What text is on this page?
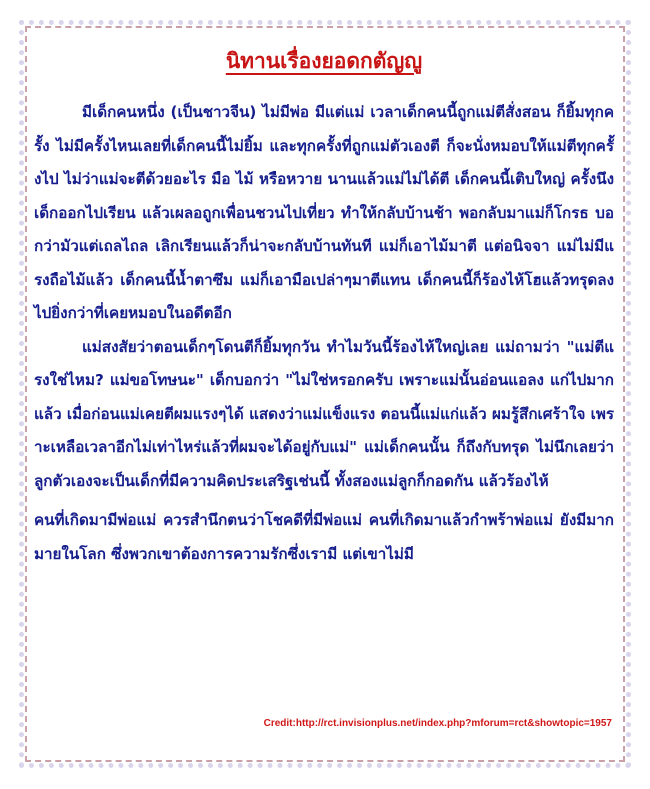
นิทานเรื่องยอดกตัญญู

มีเด็กคนหนึ่ง (เป็นชาวจีน) ไม่มีพ่อ มีแต่แม่ เวลาเด็กคนนี้ถูกแม่ตีสั่งสอน ก็ยิ้มทุกครั้ง ไม่มีครั้งไหนเลยที่เด็กคนนี้ไม่ยิ้ม และทุกครั้งที่ถูกแม่ตัวเองตี ก็จะนั่งหมอบให้แม่ตีทุกครั้งไป ไม่ว่าแม่จะตีด้วยอะไร มือ ไม้ หรือหวาย นานแล้วแม่ไม่ได้ตี เด็กคนนี้เติบใหญ่ ครั้งนึง เด็กออกไปเรียน แล้วเผลอถูกเพื่อนชวนไปเที่ยว ทำให้กลับบ้านช้า พอกลับมาแม่ก็โกรธ บอกว่ามัวแต่เถลไถล เลิกเรียนแล้วก็น่าจะกลับบ้านทันที แม่ก็เอาไม้มาตี แต่อนิจจา แม่ไม่มีแรงถือไม้แล้ว เด็กคนนี้น้ำตาซึม แม่ก็เอามือเปล่าๆมาตีแทน เด็กคนนี้ก็ร้องไห้โฮแล้วทรุดลงไปยิ่งกว่าที่เคยหมอบในอดีตอีก

แม่สงสัยว่าตอนเด็กๆโดนตีก็ยิ้มทุกวัน ทำไมวันนี้ร้องไห้ใหญ่เลย แม่ถามว่า "แม่ตีแรงใช่ไหม? แม่ขอโทษนะ" เด็กบอกว่า "ไม่ใช่หรอกครับ เพราะแม่นั้นอ่อนแอลง แก่ไปมากแล้ว เมื่อก่อนแม่เคยตีผมแรงๆได้ แสดงว่าแม่แข็งแรง ตอนนี้แม่แก่แล้ว ผมรู้สึกเศร้าใจ เพราะเหลือเวลาอีกไม่เท่าไหร่แล้วที่ผมจะได้อยู่กับแม่" แม่เด็กคนนั้น ก็ถึงกับทรุด ไม่นึกเลยว่าลูกตัวเองจะเป็นเด็กที่มีความคิดประเสริฐเช่นนี้ ทั้งสองแม่ลูกก็กอดกัน แล้วร้องไห้

คนที่เกิดมามีพ่อแม่ ควรสำนึกตนว่าโชคดีที่มีพ่อแม่ คนที่เกิดมาแล้วกำพร้าพ่อแม่ ยังมีมากมายในโลก ซึ่งพวกเขาต้องการความรักซึ่งเรามี แต่เขาไม่มี

Credit:http://rct.invisionplus.net/index.php?mforum=rct&showtopic=1957
